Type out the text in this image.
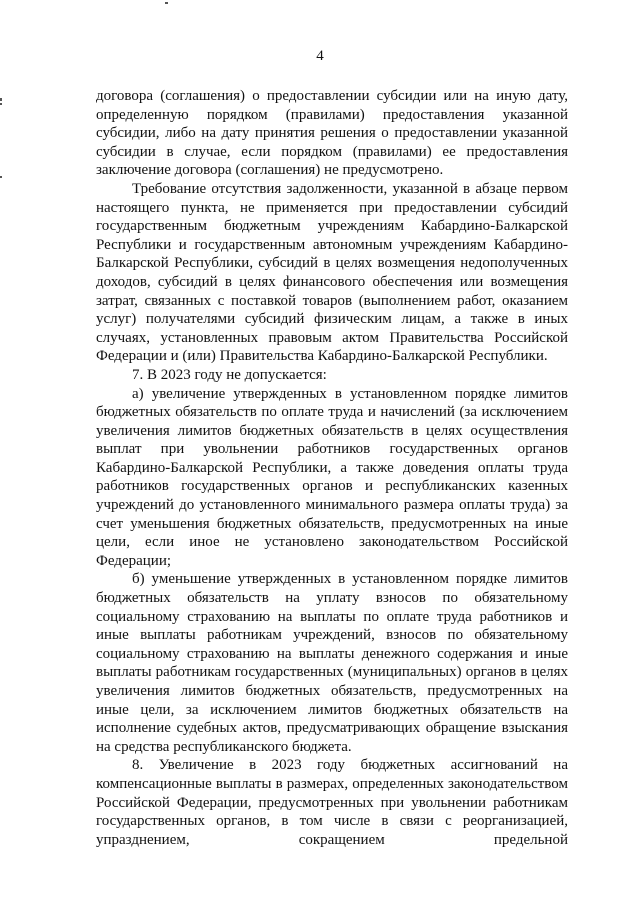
4

договора (соглашения) о предоставлении субсидии или на иную дату, определенную порядком (правилами) предоставления указанной субсидии, либо на дату принятия решения о предоставлении указанной субсидии в случае, если порядком (правилами) ее предоставления заключение договора (соглашения) не предусмотрено.

Требование отсутствия задолженности, указанной в абзаце первом настоящего пункта, не применяется при предоставлении субсидий государственным бюджетным учреждениям Кабардино-Балкарской Республики и государственным автономным учреждениям Кабардино-Балкарской Республики, субсидий в целях возмещения недополученных доходов, субсидий в целях финансового обеспечения или возмещения затрат, связанных с поставкой товаров (выполнением работ, оказанием услуг) получателями субсидий физическим лицам, а также в иных случаях, установленных правовым актом Правительства Российской Федерации и (или) Правительства Кабардино-Балкарской Республики.

7. В 2023 году не допускается:

а) увеличение утвержденных в установленном порядке лимитов бюджетных обязательств по оплате труда и начислений (за исключением увеличения лимитов бюджетных обязательств в целях осуществления выплат при увольнении работников государственных органов Кабардино-Балкарской Республики, а также доведения оплаты труда работников государственных органов и республиканских казенных учреждений до установленного минимального размера оплаты труда) за счет уменьшения бюджетных обязательств, предусмотренных на иные цели, если иное не установлено законодательством Российской Федерации;

б) уменьшение утвержденных в установленном порядке лимитов бюджетных обязательств на уплату взносов по обязательному социальному страхованию на выплаты по оплате труда работников и иные выплаты работникам учреждений, взносов по обязательному социальному страхованию на выплаты денежного содержания и иные выплаты работникам государственных (муниципальных) органов в целях увеличения лимитов бюджетных обязательств, предусмотренных на иные цели, за исключением лимитов бюджетных обязательств на исполнение судебных актов, предусматривающих обращение взыскания на средства республиканского бюджета.

8. Увеличение в 2023 году бюджетных ассигнований на компенсационные выплаты в размерах, определенных законодательством Российской Федерации, предусмотренных при увольнении работникам государственных органов, в том числе в связи с реорганизацией, упразднением, сокращением предельной
